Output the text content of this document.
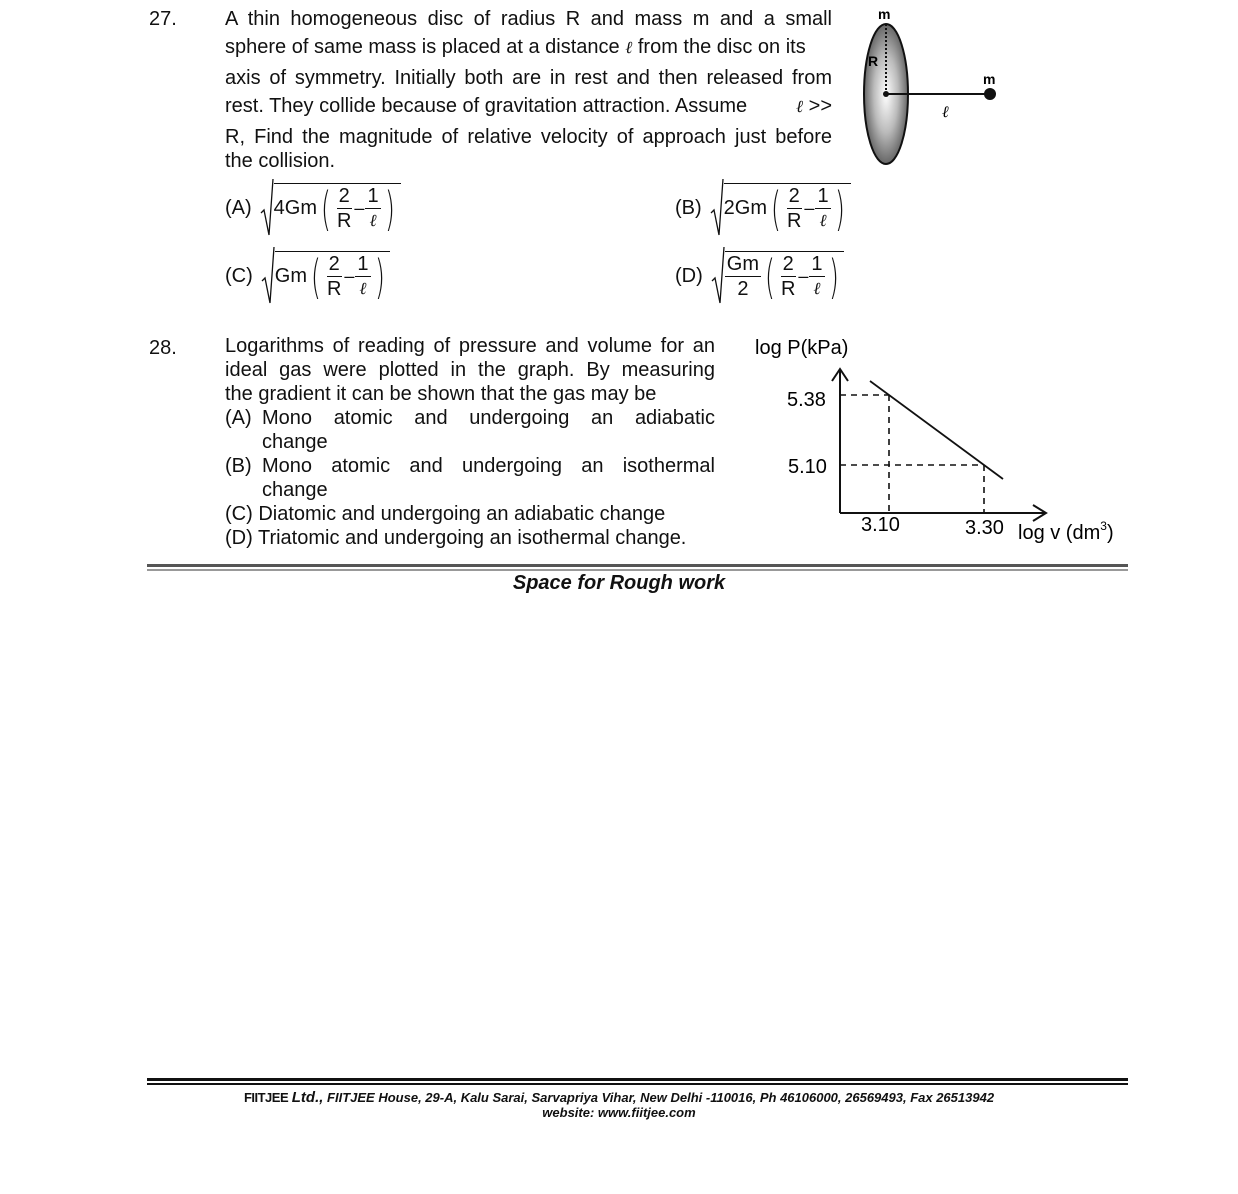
27. A thin homogeneous disc of radius R and mass m and a small
sphere of same mass is placed at a distance ℓ from the disc on its
axis of symmetry. Initially both are in rest and then released from
rest. They collide because of gravitation attraction. Assume	ℓ >>
R, Find the magnitude of relative velocity of approach just before
the collision.
(A) 4Gm ( $\frac{2}{R} - \frac{1}{\text{ℓ}}$ )	(B) 2Gm ( $\frac{2}{R} - \frac{1}{\text{ℓ}}$ )
(C) Gm ( $\frac{2}{R} - \frac{1}{\text{ℓ}}$ )	$(D) \frac{Gm}{2}$ ( $\frac{2}{R} - \frac{1}{\text{ℓ}}$ )
m
R
m
ℓ
28. Logarithms of reading of pressure and volume for an
ideal gas were plotted in the graph. By measuring
the gradient it can be shown that the gas may be
(A) Mono atomic and undergoing an adiabatic
change
(B) Mono atomic and undergoing an isothermal
change
(C) Diatomic and undergoing an adiabatic change
(D) Triatomic and undergoing an isothermal change.
log P(kPa)
5.38
5.10
3.10	3.30 log v $(dm^3)$
Space for Rough work
FIITJEE Ltd., FIITJEE House, 29-A, Kalu Sarai, Sarvapriya Vihar, New Delhi -110016, Ph 46106000, 26569493, Fax 26513942
website: www.fiitjee.com
